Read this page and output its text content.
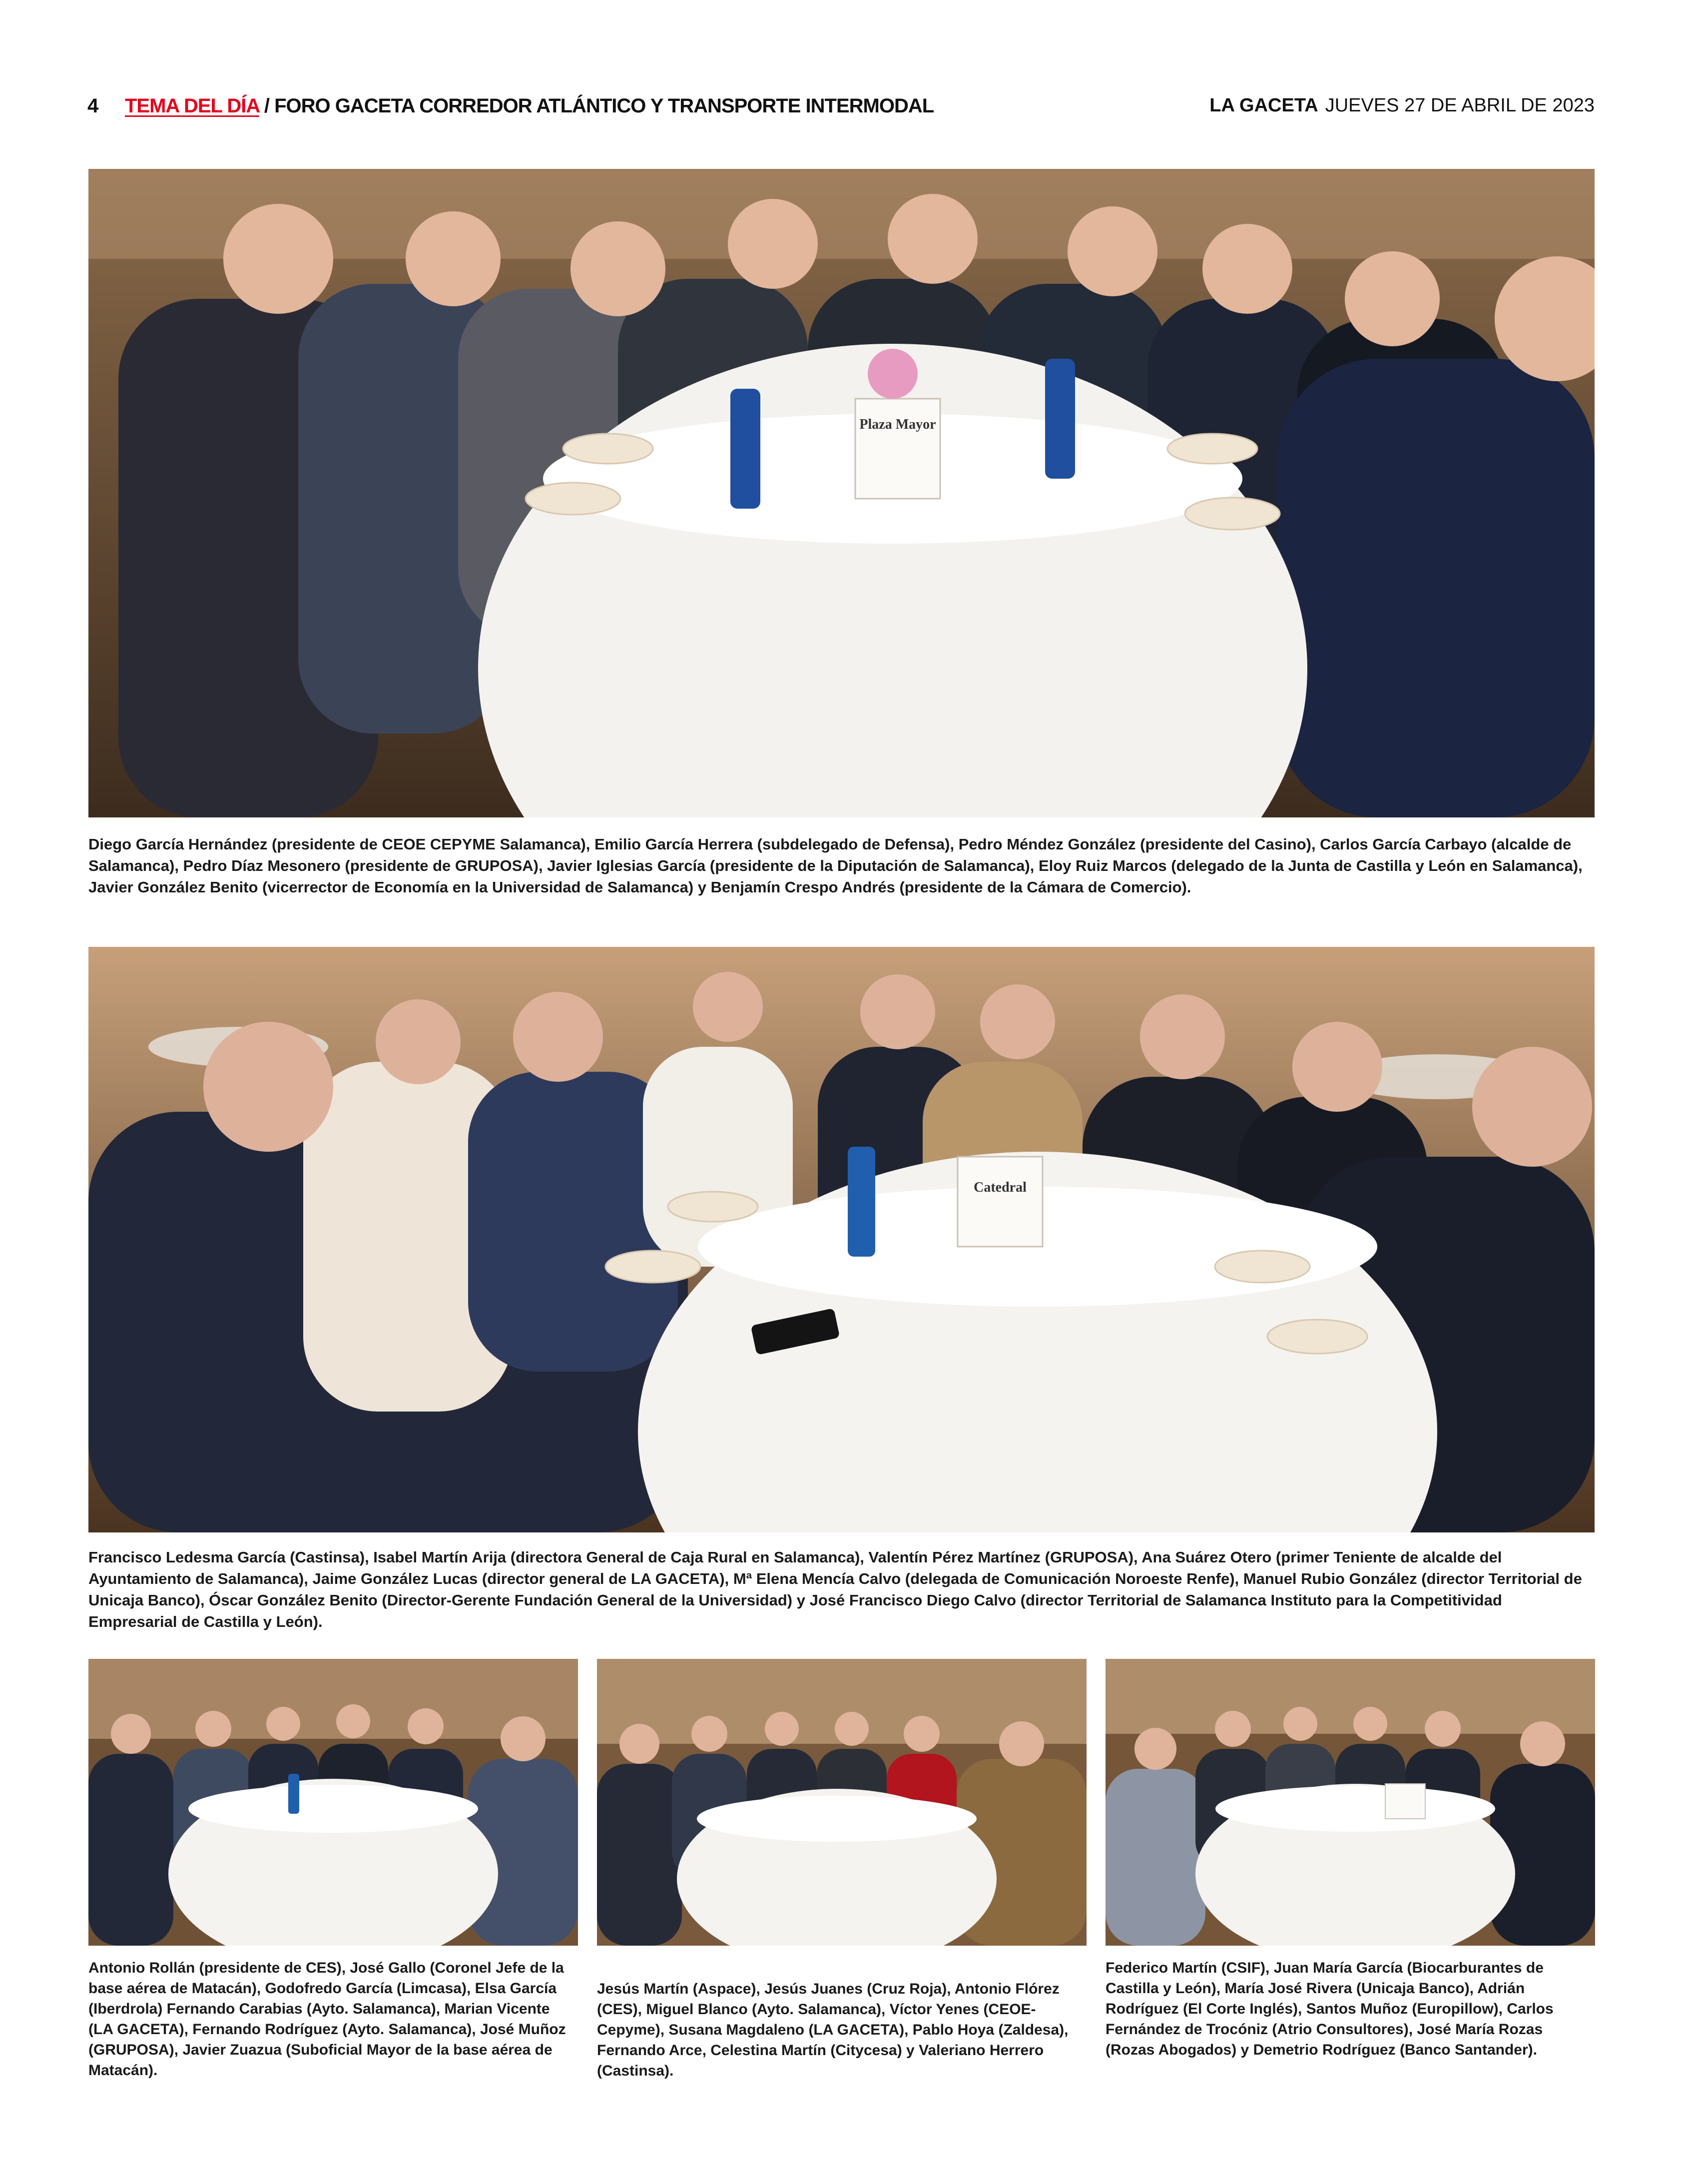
4 TEMA DEL DÍA / FORO GACETA CORREDOR ATLÁNTICO Y TRANSPORTE INTERMODAL	LA GACETA JUEVES 27 DE ABRIL DE 2023
Plaza Mayor
Diego García Hernández (presidente de CEOE CEPYME Salamanca), Emilio García Herrera (subdelegado de Defensa), Pedro Méndez González (presidente del Casino), Carlos García Carbayo (alcalde de Salamanca), Pedro Díaz Mesonero (presidente de GRUPOSA), Javier Iglesias García (presidente de la Diputación de Salamanca), Eloy Ruiz Marcos (delegado de la Junta de Castilla y León en Salamanca), Javier González Benito (vicerrector de Economía en la Universidad de Salamanca) y Benjamín Crespo Andrés (presidente de la Cámara de Comercio).
Catedral
Francisco Ledesma García (Castinsa), Isabel Martín Arija (directora General de Caja Rural en Salamanca), Valentín Pérez Martínez (GRUPOSA), Ana Suárez Otero (primer Teniente de alcalde del Ayuntamiento de Salamanca), Jaime González Lucas (director general de LA GACETA), Mª Elena Mencía Calvo (delegada de Comunicación Noroeste Renfe), Manuel Rubio González (director Territorial de Unicaja Banco), Óscar González Benito (Director-Gerente Fundación General de la Universidad) y José Francisco Diego Calvo (director Territorial de Salamanca Instituto para la Competitividad Empresarial de Castilla y León).
Antonio Rollán (presidente de CES), José Gallo (Coronel Jefe de la base aérea de Matacán), Godofredo García (Limcasa), Elsa García (Iberdrola) Fernando Carabias (Ayto. Salamanca), Marian Vicente (LA GACETA), Fernando Rodríguez (Ayto. Salamanca), José Muñoz (GRUPOSA), Javier Zuazua (Suboficial Mayor de la base aérea de Matacán).
Jesús Martín (Aspace), Jesús Juanes (Cruz Roja), Antonio Flórez (CES), Miguel Blanco (Ayto. Salamanca), Víctor Yenes (CEOE-Cepyme), Susana Magdaleno (LA GACETA), Pablo Hoya (Zaldesa), Fernando Arce, Celestina Martín (Citycesa) y Valeriano Herrero (Castinsa).
Federico Martín (CSIF), Juan María García (Biocarburantes de Castilla y León), María José Rivera (Unicaja Banco), Adrián Rodríguez (El Corte Inglés), Santos Muñoz (Europillow), Carlos Fernández de Trocóniz (Atrio Consultores), José María Rozas (Rozas Abogados) y Demetrio Rodríguez (Banco Santander).
